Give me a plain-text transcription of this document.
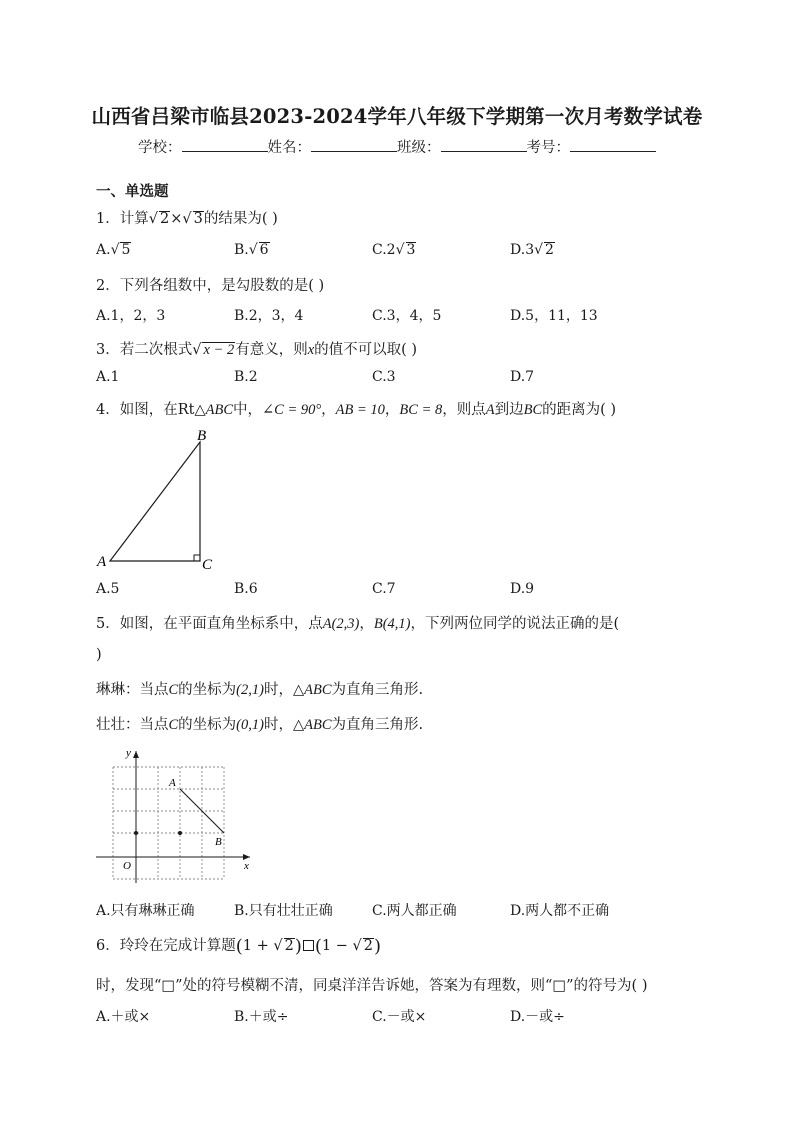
山西省吕梁市临县2023-2024学年八年级下学期第一次月考数学试卷
学校：	姓名：	班级：	考号：
一、单选题
1．计算√ 2×√ 3的结果为( )
A.√ 5	B.√ 6	C.2√ 3	D.3√ 2
2．下列各组数中，是勾股数的是( )
A.1，2，3	B.2，3，4	C.3，4，5	D.5，11，13
3．若二次根式√ x − 2有意义，则x的值不可以取( )
A.1	B.2	C.3	D.7
4．如图，在Rt△ABC中，∠C = 90°，AB = 10，BC = 8，则点A到边BC的距离为( )
B
A	C
A.5	B.6	C.7	D.9
5．如图，在平面直角坐标系中，点A(2,3)，B(4,1)，下列两位同学的说法正确的是(
)
琳琳：当点C的坐标为(2,1)时，△ABC为直角三角形.
壮壮：当点C的坐标为(0,1)时，△ABC为直角三角形.
y
x
O
A
B
A.只有琳琳正确	B.只有壮壮正确	C.两人都正确	D.两人都不正确
6．玲玲在完成计算题(1 + √ 2) (1 − √ 2)
时，发现“□”处的符号模糊不清，同桌洋洋告诉她，答案为有理数，则“□”的符号为( )
A.＋或×	B.＋或÷	C.－或×	D.－或÷
